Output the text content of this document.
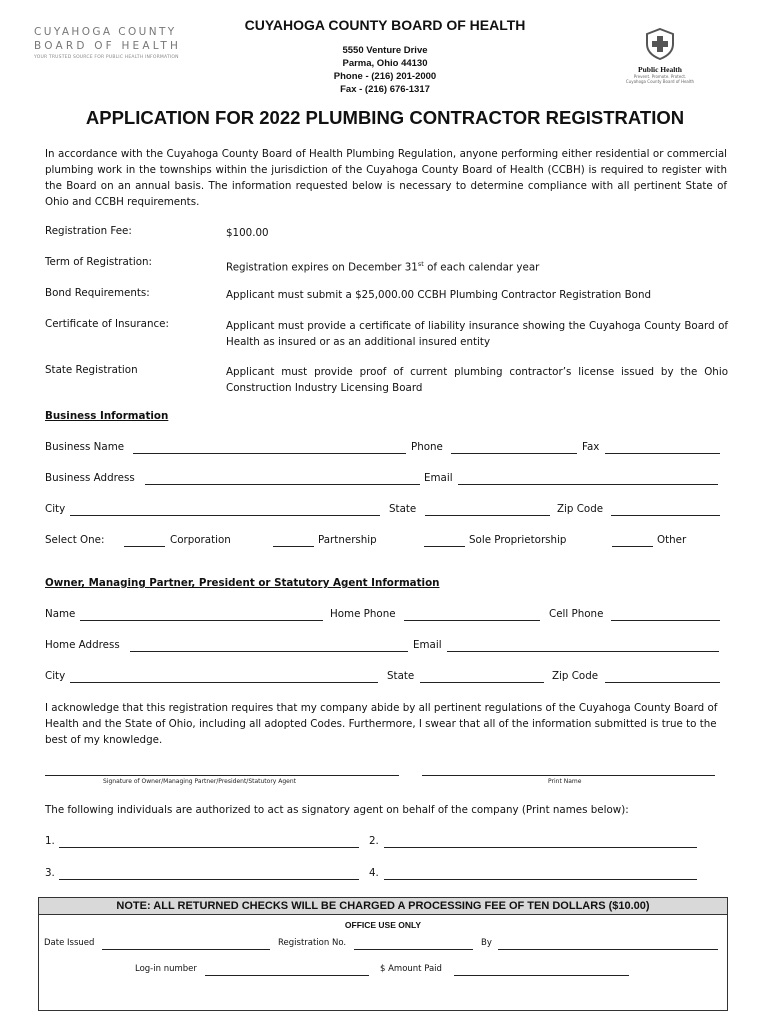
CUYAHOGA COUNTY
BOARD OF HEALTH
YOUR TRUSTED SOURCE FOR PUBLIC HEALTH INFORMATION
CUYAHOGA COUNTY BOARD OF HEALTH
5550 Venture Drive
Parma, Ohio 44130
Phone - (216) 201-2000
Fax - (216) 676-1317
Public Health
Prevent. Promote. Protect.
Cuyahoga County Board of Health
APPLICATION FOR 2022 PLUMBING CONTRACTOR REGISTRATION
In accordance with the Cuyahoga County Board of Health Plumbing Regulation, anyone performing either residential or commercial plumbing work in the townships within the jurisdiction of the Cuyahoga County Board of Health (CCBH) is required to register with the Board on an annual basis. The information requested below is necessary to determine compliance with all pertinent State of Ohio and CCBH requirements.
Registration Fee:	$100.00
Term of Registration:	Registration expires on December 31st of each calendar year
Bond Requirements:	Applicant must submit a $25,000.00 CCBH Plumbing Contractor Registration Bond
Certificate of Insurance:	Applicant must provide a certificate of liability insurance showing the Cuyahoga County Board of Health as insured or as an additional insured entity
State Registration	Applicant must provide proof of current plumbing contractor’s license issued by the Ohio Construction Industry Licensing Board
Business Information
Business Name	Phone	Fax
Business Address	Email
City	State	Zip Code
Select One:	Corporation	Partnership	Sole Proprietorship	Other
Owner, Managing Partner, President or Statutory Agent Information
Name	Home Phone	Cell Phone
Home Address	Email
City	State	Zip Code
I acknowledge that this registration requires that my company abide by all pertinent regulations of the Cuyahoga County Board of Health and the State of Ohio, including all adopted Codes. Furthermore, I swear that all of the information submitted is true to the best of my knowledge.
Signature of Owner/Managing Partner/President/Statutory Agent	Print Name
The following individuals are authorized to act as signatory agent on behalf of the company (Print names below):
1.	2.
3.	4.
NOTE: ALL RETURNED CHECKS WILL BE CHARGED A PROCESSING FEE OF TEN DOLLARS ($10.00)
OFFICE USE ONLY
Date Issued	Registration No.	By
Log-in number	$ Amount Paid
